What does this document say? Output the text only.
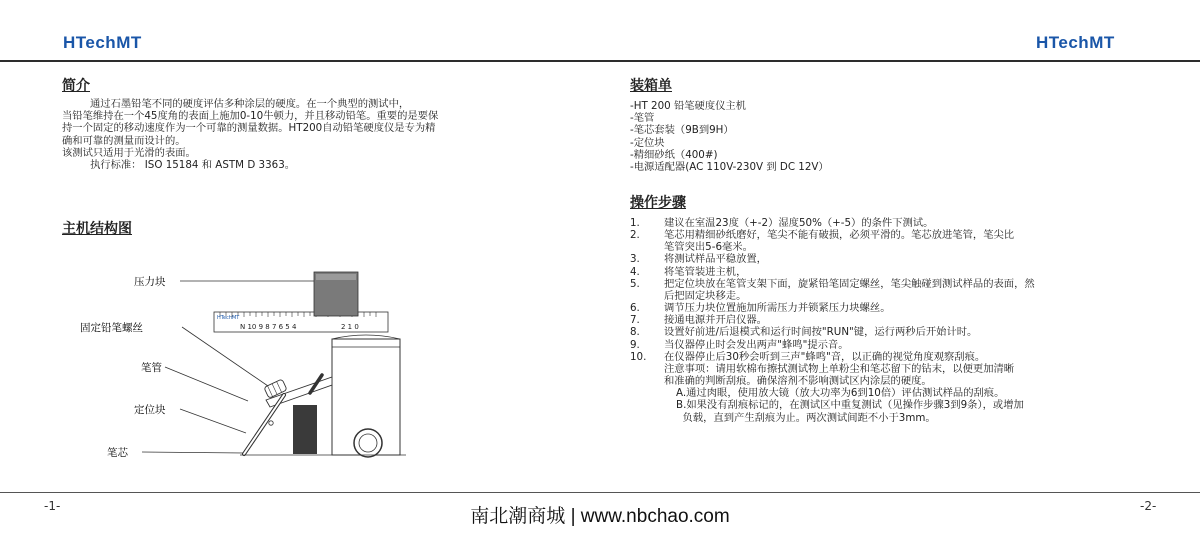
HTechMT	HTechMT
简介

通过石墨铅笔不同的硬度评估多种涂层的硬度。在一个典型的测试中，

当铅笔维持在一个45度角的表面上施加0-10牛顿力，并且移动铅笔。重要的是要保

持一个固定的移动速度作为一个可靠的测量数据。HT200自动铅笔硬度仪是专为精

确和可靠的测量而设计的。

该测试只适用于光滑的表面。

执行标准： ISO 15184 和 ASTM D 3363。

主机结构图
压力块
固定铅笔螺丝
笔管
定位块
笔芯
HTechMT
N 10 9 8 7 6 5 4	2 1 0
装箱单
-HT 200 铅笔硬度仪主机
-笔管
-笔芯套装（9B到9H）
-定位块
-精细砂纸（400#)
-电源适配器(AC 110V-230V 到 DC 12V）
操作步骤
1.	建议在室温23度（+-2）湿度50%（+-5）的条件下测试。
2.	笔芯用精细砂纸磨好，笔尖不能有破损，必须平滑的。笔芯放进笔管，笔尖比
笔管突出5-6毫米。
3.	将测试样品平稳放置，
4.	将笔管装进主机，
5.	把定位块放在笔管支架下面，旋紧铅笔固定螺丝，笔尖触碰到测试样品的表面，然
后把固定块移走。
6.	调节压力块位置施加所需压力并锁紧压力块螺丝。
7.	接通电源并开启仪器。
8.	设置好前进/后退模式和运行时间按"RUN"键，运行两秒后开始计时。
9.	当仪器停止时会发出两声"蜂鸣"提示音。
10.	在仪器停止后30秒会听到三声"蜂鸣"音，以正确的视觉角度观察刮痕。
注意事项：请用软棉布擦拭测试物上单粉尘和笔芯留下的钻末，以便更加清晰
和准确的判断刮痕。确保溶剂不影响测试区内涂层的硬度。
A.通过肉眼，使用放大镜（放大功率为6到10倍）评估测试样品的刮痕。
B.如果没有刮痕标记的，在测试区中重复测试（见操作步骤3到9条），或增加
负载，直到产生刮痕为止。两次测试间距不小于3mm。
-1-	-2-
南北潮商城 | www.nbchao.com
